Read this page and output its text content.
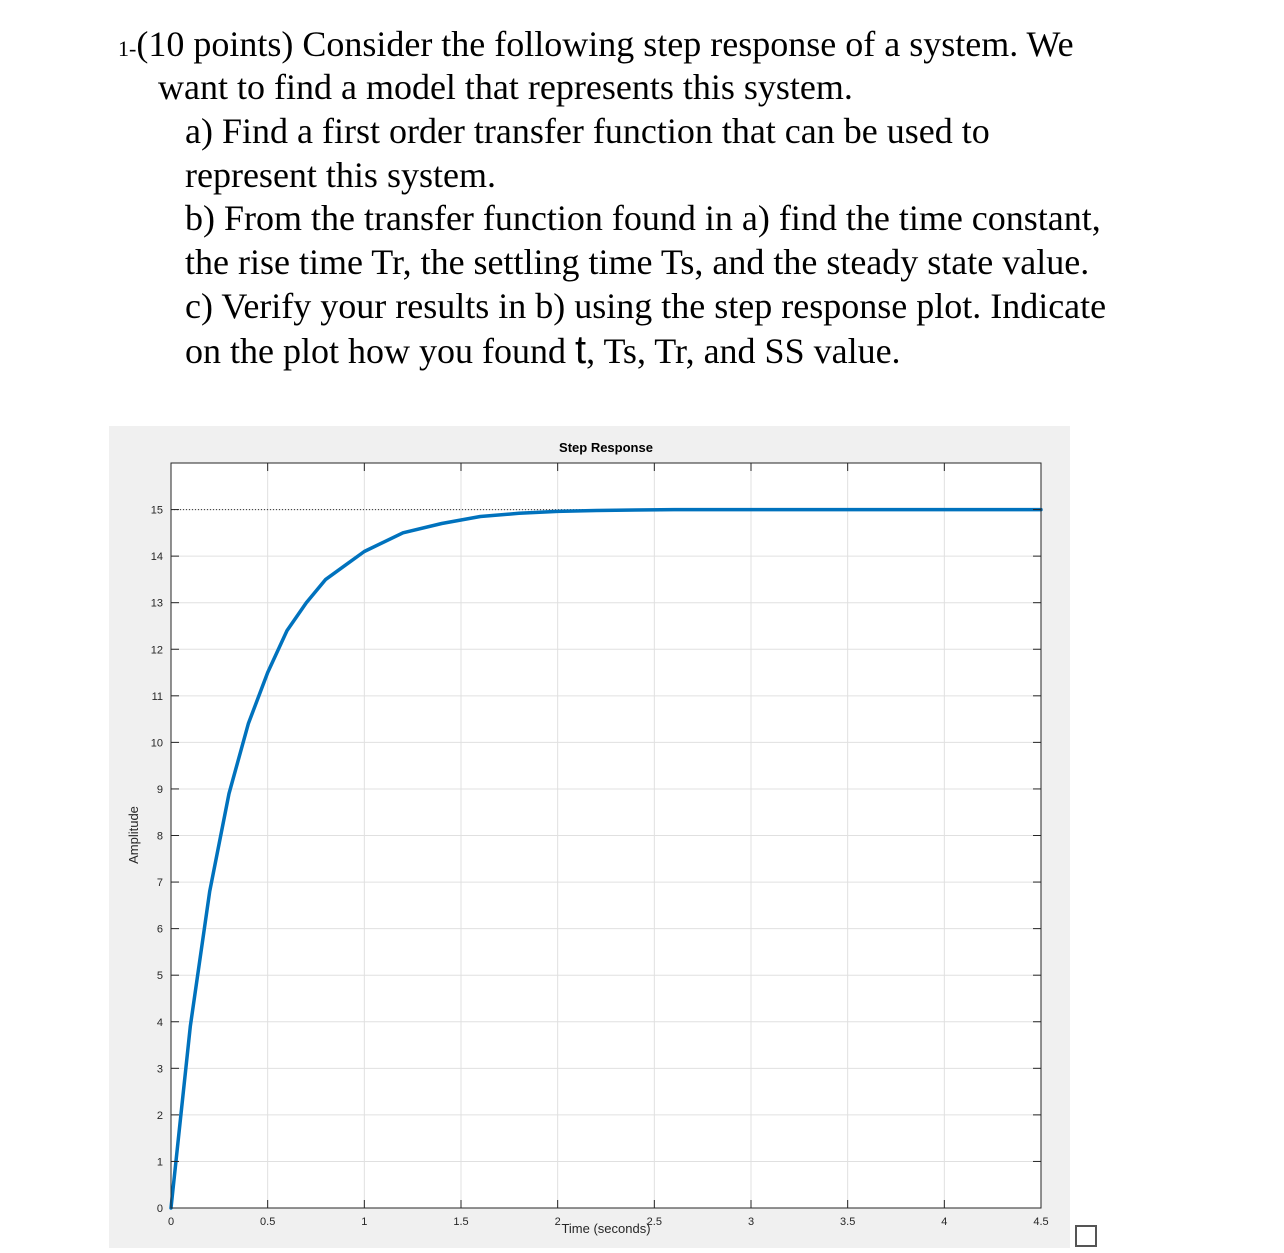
1-(10 points) Consider the following step response of a system. We
want to find a model that represents this system.
a) Find a first order transfer function that can be used to
represent this system.
b) From the transfer function found in a) find the time constant,
the rise time Tr, the settling time Ts, and the steady state value.
c) Verify your results in b) using the step response plot. Indicate
on the plot how you found t, Ts, Tr, and SS value.
0	0.5	1	1.5	2	2.5	3	3.5	4	4.5
0
1
2
3
4
5
6
7
8
9
10
11
12
13
14
15
Step Response
Time (seconds)
Amplitude
